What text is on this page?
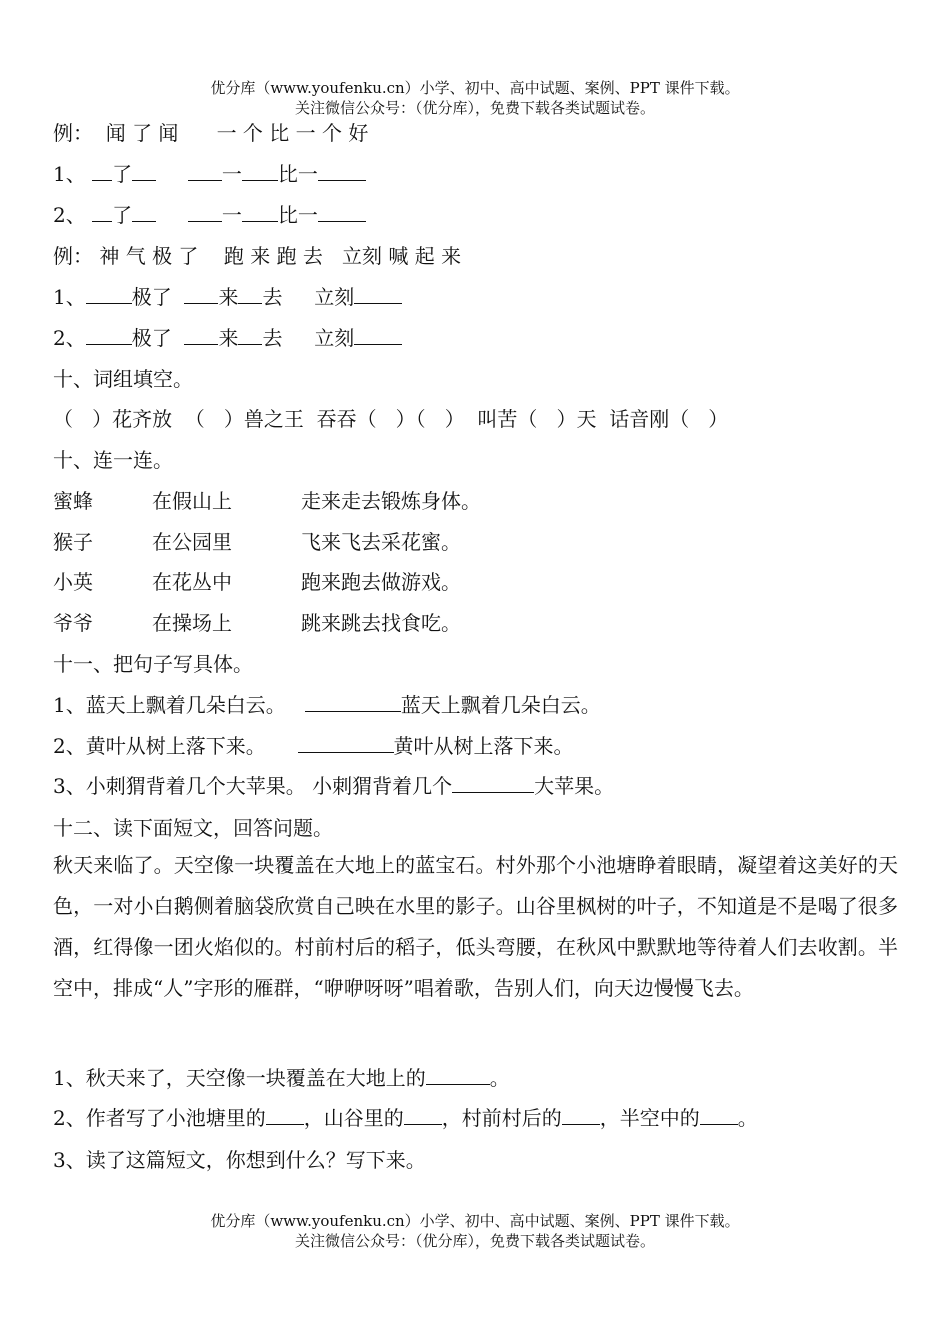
优分库（www.youfenku.cn）小学、初中、高中试题、案例、PPT 课件下载。
关注微信公众号：（优分库），免费下载各类试题试卷。
例：  闻 了 闻      一 个 比 一 个 好
1、 了	一 比一
2、 了	一 比一
例： 神 气 极 了    跑 来 跑 去   立刻 喊 起 来
1、 极了 来 去 立刻
2、 极了 来 去 立刻
十、词组填空。
（   ）花齐放  （   ）兽之王  吞吞（   ）（   ）  叫苦（   ）天  话音刚（   ）
十、连一连。
蜜蜂	在假山上	走来走去锻炼身体。
猴子	在公园里	飞来飞去采花蜜。
小英	在花丛中	跑来跑去做游戏。
爷爷	在操场上	跳来跳去找食吃。
十一、把句子写具体。
1、蓝天上飘着几朵白云。	蓝天上飘着几朵白云。
2、黄叶从树上落下来。	黄叶从树上落下来。
3、小刺猬背着几个大苹果。 小刺猬背着几个	大苹果。
十二、读下面短文，回答问题。
秋天来临了。天空像一块覆盖在大地上的蓝宝石。村外那个小池塘睁着眼睛，凝望着这美好的天色，一对小白鹅侧着脑袋欣赏自己映在水里的影子。山谷里枫树的叶子，不知道是不是喝了很多酒，红得像一团火焰似的。村前村后的稻子，低头弯腰，在秋风中默默地等待着人们去收割。半空中，排成“人”字形的雁群，“咿咿呀呀”唱着歌，告别人们，向天边慢慢飞去。
1、秋天来了，天空像一块覆盖在大地上的	。
2、作者写了小池塘里的 ，山谷里的 ，村前村后的 ，半空中的 。
3、读了这篇短文，你想到什么？写下来。
优分库（www.youfenku.cn）小学、初中、高中试题、案例、PPT 课件下载。
关注微信公众号：（优分库），免费下载各类试题试卷。
